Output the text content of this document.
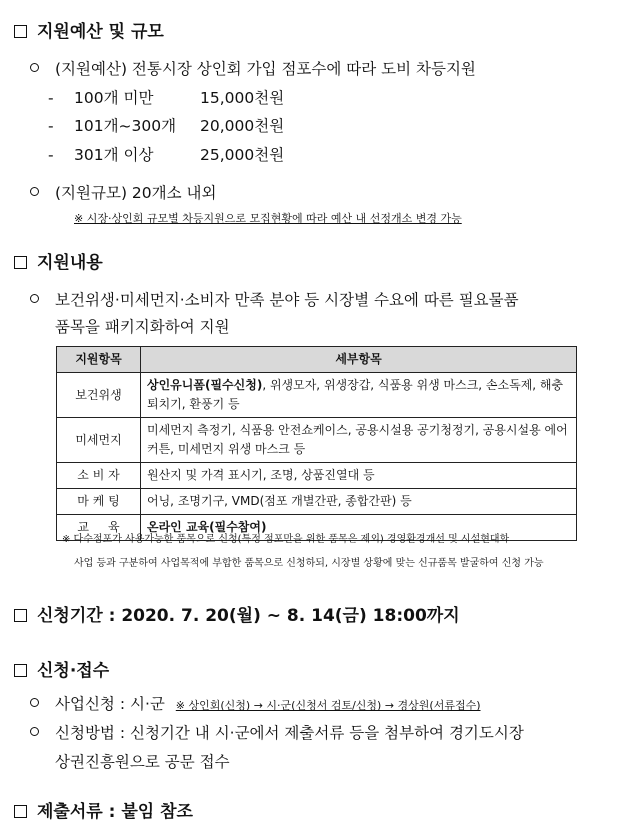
지원예산 및 규모
(지원예산) 전통시장 상인회 가입 점포수에 따라 도비 차등지원
- 100개 미만	15,000천원
- 101개~300개 20,000천원
- 301개 이상	25,000천원
(지원규모) 20개소 내외
※ 시장·상인회 규모별 차등지원으로 모집현황에 따라 예산 내 선정개소 변경 가능
지원내용
보건위생·미세먼지·소비자 만족 분야 등 시장별 수요에 따른 필요물품
품목을 패키지화하여 지원
지원항목	세부항목
보건위생	상인유니폼(필수신청), 위생모자, 위생장갑, 식품용 위생 마스크, 손소독제, 해충퇴치기, 환풍기 등
미세먼지	미세먼지 측정기, 식품용 안전쇼케이스, 공용시설용 공기청정기, 공용시설용 에어커튼, 미세먼지 위생 마스크 등
소 비 자	원산지 및 가격 표시기, 조명, 상품진열대 등
마 케 팅	어닝, 조명기구, VMD(점포 개별간판, 종합간판) 등
교     육	온라인 교육(필수참여)
※ 다수점포가 사용가능한 품목으로 신청(특정 점포만을 위한 품목은 제외) 경영환경개선 및 시설현대화
사업 등과 구분하여 사업목적에 부합한 품목으로 신청하되, 시장별 상황에 맞는 신규품목 발굴하여 신청 가능
신청기간 : 2020. 7. 20(월) ~ 8. 14(금) 18:00까지
신청·접수
사업신청 : 시·군 ※ 상인회(신청) → 시·군(신청서 검토/신청) → 경상원(서류접수)
신청방법 : 신청기간 내 시·군에서 제출서류 등을 첨부하여 경기도시장
상권진흥원으로 공문 접수
제출서류 : 붙임 참조
